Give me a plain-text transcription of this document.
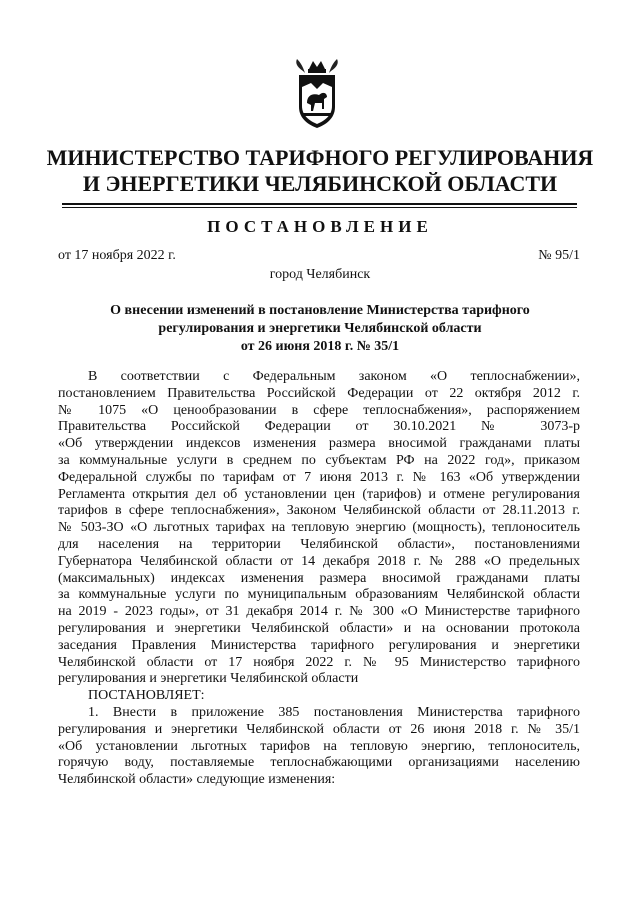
МИНИСТЕРСТВО ТАРИФНОГО РЕГУЛИРОВАНИЯ
И ЭНЕРГЕТИКИ ЧЕЛЯБИНСКОЙ ОБЛАСТИ
ПОСТАНОВЛЕНИЕ
от 17 ноября 2022 г.	№ 95/1
город Челябинск
О внесении изменений в постановление Министерства тарифного
регулирования и энергетики Челябинской области
от 26 июня 2018 г. № 35/1
В соответствии с Федеральным законом «О теплоснабжении»,
постановлением Правительства Российской Федерации от 22 октября 2012 г.
№ 1075 «О ценообразовании в сфере теплоснабжения», распоряжением
Правительства Российской Федерации от 30.10.2021 № 3073-р
«Об утверждении индексов изменения размера вносимой гражданами платы
за коммунальные услуги в среднем по субъектам РФ на 2022 год», приказом
Федеральной службы по тарифам от 7 июня 2013 г. № 163 «Об утверждении
Регламента открытия дел об установлении цен (тарифов) и отмене регулирования
тарифов в сфере теплоснабжения», Законом Челябинской области от 28.11.2013 г.
№ 503-ЗО «О льготных тарифах на тепловую энергию (мощность), теплоноситель
для населения на территории Челябинской области», постановлениями
Губернатора Челябинской области от 14 декабря 2018 г. № 288 «О предельных
(максимальных) индексах изменения размера вносимой гражданами платы
за коммунальные услуги по муниципальным образованиям Челябинской области
на 2019 - 2023 годы», от 31 декабря 2014 г. № 300 «О Министерстве тарифного
регулирования и энергетики Челябинской области» и на основании протокола
заседания Правления Министерства тарифного регулирования и энергетики
Челябинской области от 17 ноября 2022 г. № 95 Министерство тарифного
регулирования и энергетики Челябинской области
ПОСТАНОВЛЯЕТ:
1. Внести в приложение 385 постановления Министерства тарифного
регулирования и энергетики Челябинской области от 26 июня 2018 г. № 35/1
«Об установлении льготных тарифов на тепловую энергию, теплоноситель,
горячую воду, поставляемые теплоснабжающими организациями населению
Челябинской области» следующие изменения:
